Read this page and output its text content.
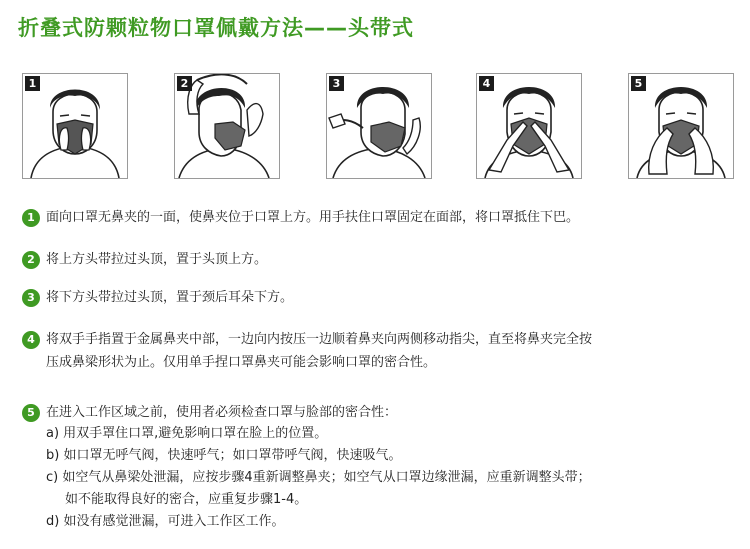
折叠式防颗粒物口罩佩戴方法——头带式
1	2	3	4	5
1 面向口罩无鼻夹的一面，使鼻夹位于口罩上方。用手扶住口罩固定在面部，将口罩抵住下巴。
2 将上方头带拉过头顶，置于头顶上方。
3 将下方头带拉过头顶，置于颈后耳朵下方。
4 将双手手指置于金属鼻夹中部，一边向内按压一边顺着鼻夹向两侧移动指尖，直至将鼻夹完全按
压成鼻梁形状为止。仅用单手捏口罩鼻夹可能会影响口罩的密合性。
5 在进入工作区域之前，使用者必须检查口罩与脸部的密合性：
a) 用双手罩住口罩,避免影响口罩在脸上的位置。
b) 如口罩无呼气阀，快速呼气；如口罩带呼气阀，快速吸气。
c) 如空气从鼻梁处泄漏，应按步骤4重新调整鼻夹；如空气从口罩边缘泄漏，应重新调整头带；
如不能取得良好的密合，应重复步骤1-4。
d) 如没有感觉泄漏，可进入工作区工作。
